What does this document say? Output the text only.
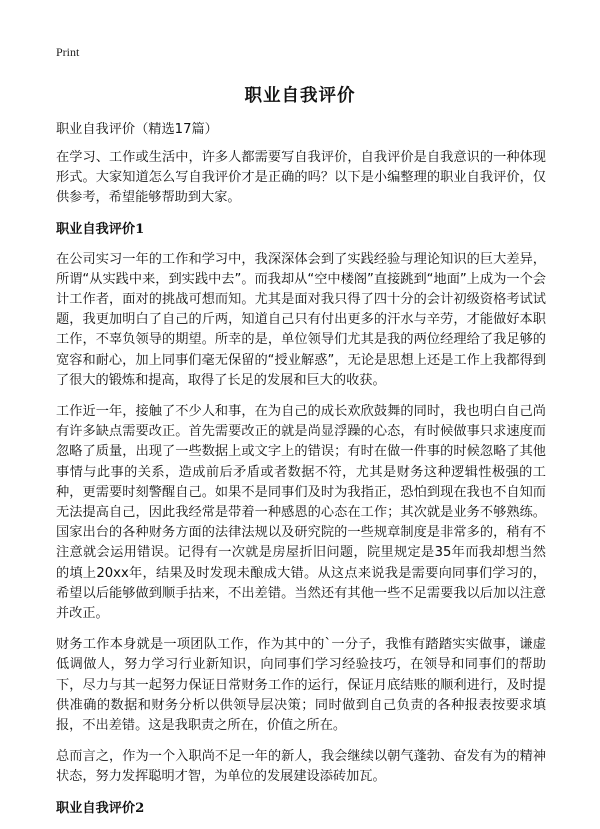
Print
职业自我评价

职业自我评价（精选17篇）

在学习、工作或生活中，许多人都需要写自我评价，自我评价是自我意识的一种体现形式。大家知道怎么写自我评价才是正确的吗？以下是小编整理的职业自我评价，仅供参考，希望能够帮助到大家。

职业自我评价1

在公司实习一年的工作和学习中，我深深体会到了实践经验与理论知识的巨大差异，所谓“从实践中来，到实践中去”。而我却从“空中楼阁”直接跳到“地面”上成为一个会计工作者，面对的挑战可想而知。尤其是面对我只得了四十分的会计初级资格考试试题，我更加明白了自己的斤两，知道自己只有付出更多的汗水与辛劳，才能做好本职工作，不辜负领导的期望。所幸的是，单位领导们尤其是我的两位经理给了我足够的宽容和耐心，加上同事们毫无保留的“授业解惑”，无论是思想上还是工作上我都得到了很大的锻炼和提高，取得了长足的发展和巨大的收获。

工作近一年，接触了不少人和事，在为自己的成长欢欣鼓舞的同时，我也明白自己尚有许多缺点需要改正。首先需要改正的就是尚显浮躁的心态，有时候做事只求速度而忽略了质量，出现了一些数据上或文字上的错误；有时在做一件事的时候忽略了其他事情与此事的关系，造成前后矛盾或者数据不符，尤其是财务这种逻辑性极强的工种，更需要时刻警醒自己。如果不是同事们及时为我指正，恐怕到现在我也不自知而无法提高自己，因此我经常是带着一种感恩的心态在工作；其次就是业务不够熟练。国家出台的各种财务方面的法律法规以及研究院的一些规章制度是非常多的，稍有不注意就会运用错误。记得有一次就是房屋折旧问题，院里规定是35年而我却想当然的填上20xx年，结果及时发现未酿成大错。从这点来说我是需要向同事们学习的，希望以后能够做到顺手拈来，不出差错。当然还有其他一些不足需要我以后加以注意并改正。

财务工作本身就是一项团队工作，作为其中的`一分子，我惟有踏踏实实做事，谦虚低调做人，努力学习行业新知识，向同事们学习经验技巧，在领导和同事们的帮助下，尽力与其一起努力保证日常财务工作的运行，保证月底结账的顺利进行，及时提供准确的数据和财务分析以供领导层决策；同时做到自己负责的各种报表按要求填报，不出差错。这是我职责之所在，价值之所在。

总而言之，作为一个入职尚不足一年的新人，我会继续以朝气蓬勃、奋发有为的精神状态，努力发挥聪明才智，为单位的发展建设添砖加瓦。

职业自我评价2
